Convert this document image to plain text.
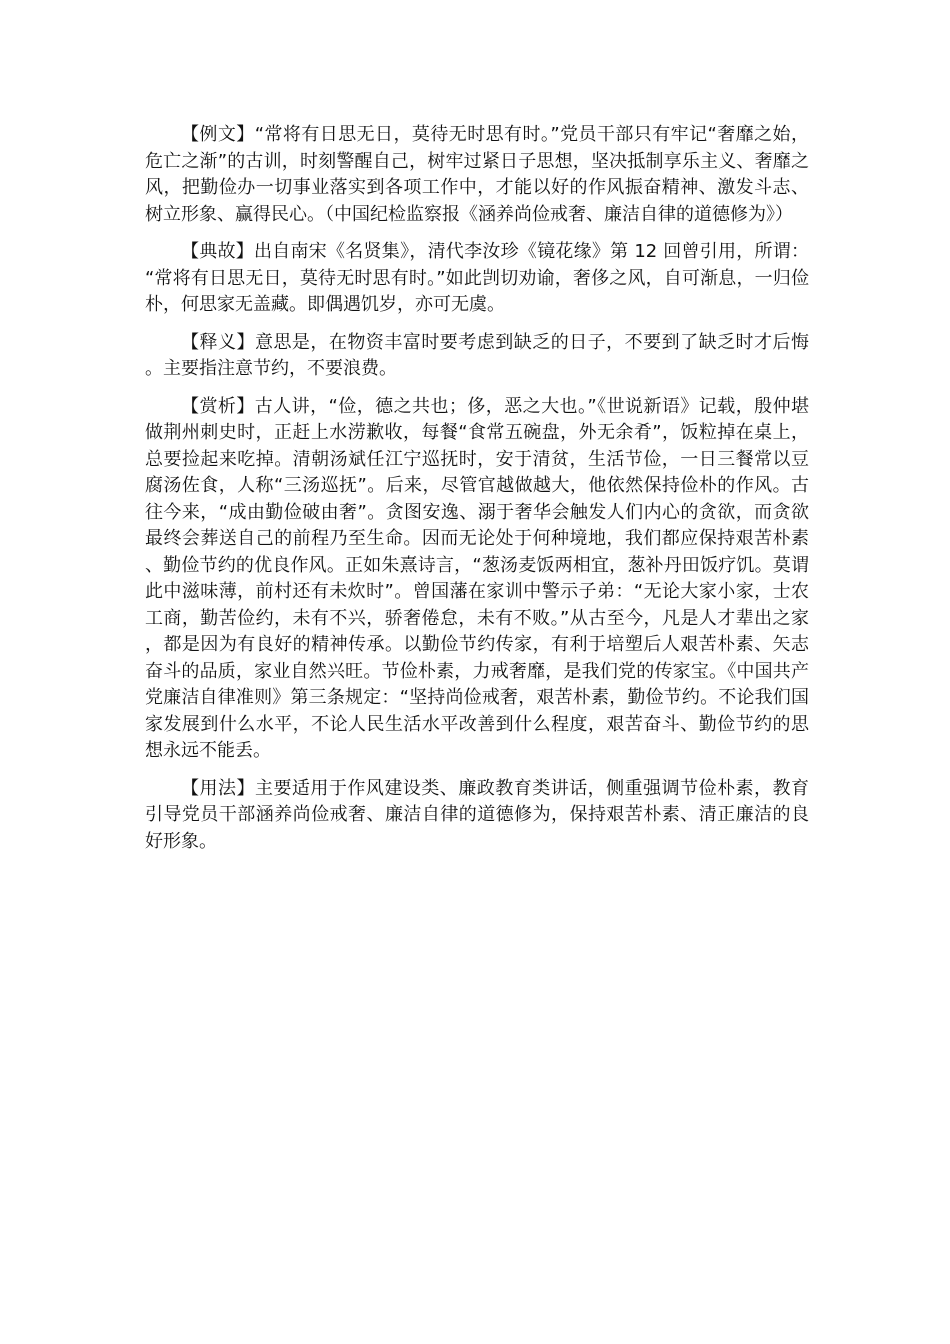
【例文】“常将有日思无日，莫待无时思有时。”党员干部只有牢记“奢靡之始，危亡之渐”的古训，时刻警醒自己，树牢过紧日子思想，坚决抵制享乐主义、奢靡之风，把勤俭办一切事业落实到各项工作中，才能以好的作风振奋精神、激发斗志、树立形象、赢得民心。（中国纪检监察报《涵养尚俭戒奢、廉洁自律的道德修为》）

【典故】出自南宋《名贤集》，清代李汝珍《镜花缘》第 12 回曾引用，所谓：“常将有日思无日，莫待无时思有时。”如此剀切劝谕，奢侈之风，自可渐息，一归俭朴，何思家无盖藏。即偶遇饥岁，亦可无虞。

【释义】意思是，在物资丰富时要考虑到缺乏的日子，不要到了缺乏时才后悔。主要指注意节约，不要浪费。

【赏析】古人讲，“俭，德之共也；侈，恶之大也。”《世说新语》记载，殷仲堪做荆州刺史时，正赶上水涝歉收，每餐“食常五碗盘，外无余肴”，饭粒掉在桌上，总要捡起来吃掉。清朝汤斌任江宁巡抚时，安于清贫，生活节俭，一日三餐常以豆腐汤佐食，人称“三汤巡抚”。后来，尽管官越做越大，他依然保持俭朴的作风。古往今来，“成由勤俭破由奢”。贪图安逸、溺于奢华会触发人们内心的贪欲，而贪欲最终会葬送自己的前程乃至生命。因而无论处于何种境地，我们都应保持艰苦朴素、勤俭节约的优良作风。正如朱熹诗言，“葱汤麦饭两相宜，葱补丹田饭疗饥。莫谓此中滋味薄，前村还有未炊时”。曾国藩在家训中警示子弟：“无论大家小家，士农工商，勤苦俭约，未有不兴，骄奢倦怠，未有不败。”从古至今，凡是人才辈出之家，都是因为有良好的精神传承。以勤俭节约传家，有利于培塑后人艰苦朴素、矢志奋斗的品质，家业自然兴旺。节俭朴素，力戒奢靡，是我们党的传家宝。《中国共产党廉洁自律准则》第三条规定：“坚持尚俭戒奢，艰苦朴素，勤俭节约。不论我们国家发展到什么水平，不论人民生活水平改善到什么程度，艰苦奋斗、勤俭节约的思想永远不能丢。

【用法】主要适用于作风建设类、廉政教育类讲话，侧重强调节俭朴素，教育引导党员干部涵养尚俭戒奢、廉洁自律的道德修为，保持艰苦朴素、清正廉洁的良好形象。
